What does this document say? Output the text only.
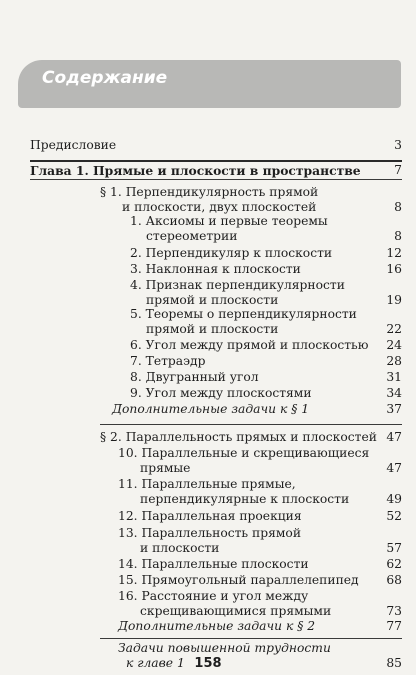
Содержание
Предисловие	3
Глава 1. Прямые и плоскости в пространстве	7
§ 1. Перпендикулярность прямой
и плоскости, двух плоскостей	8
1. Аксиомы и первые теоремы
стереометрии	8
2. Перпендикуляр к плоскости	12
3. Наклонная к плоскости	16
4. Признак перпендикулярности
прямой и плоскости	19
5. Теоремы о перпендикулярности
прямой и плоскости	22
6. Угол между прямой и плоскостью	24
7. Тетраэдр	28
8. Двугранный угол	31
9. Угол между плоскостями	34
Дополнительные задачи к § 1	37
§ 2. Параллельность прямых и плоскостей 47
10. Параллельные и скрещивающиеся
прямые	47
11. Параллельные прямые,
перпендикулярные к плоскости	49
12. Параллельная проекция	52
13. Параллельность прямой
и плоскости	57
14. Параллельные плоскости	62
15. Прямоугольный параллелепипед	68
16. Расстояние и угол между
скрещивающимися прямыми	73
Дополнительные задачи к § 2	77
Задачи повышенной трудности
к главе 1	85
158
